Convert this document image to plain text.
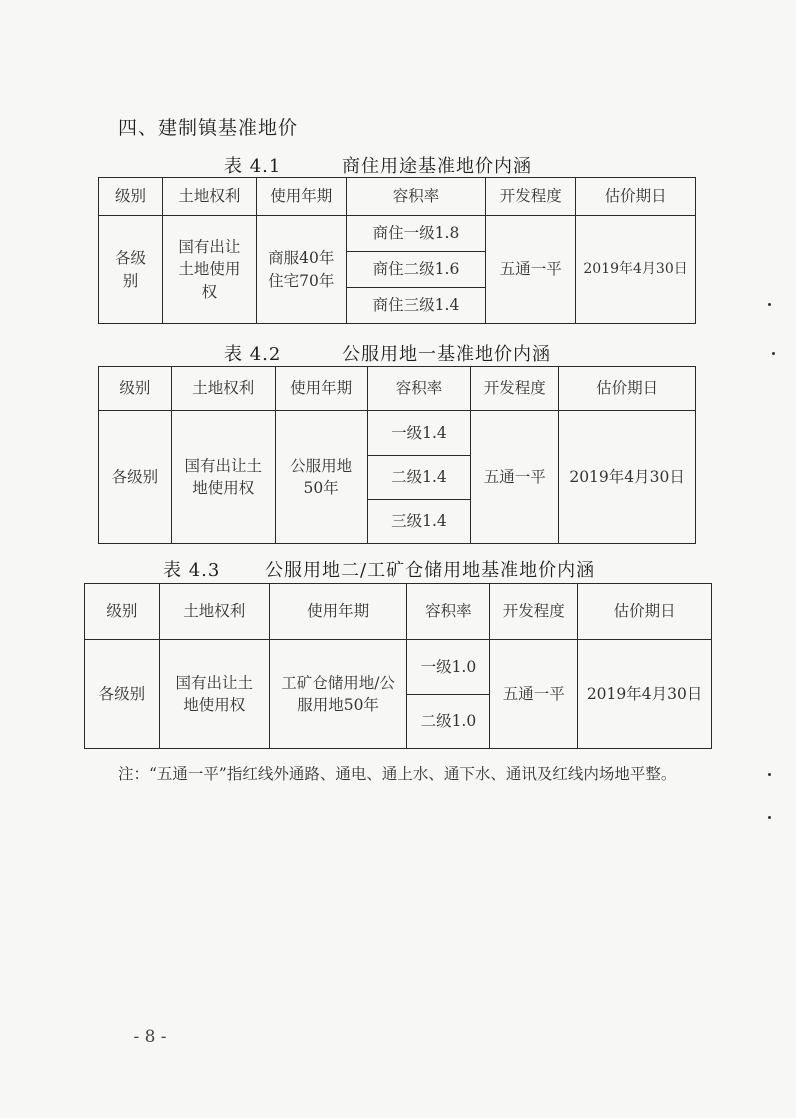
四、建制镇基准地价
表 4.1	商住用途基准地价内涵
级别	土地权利	使用年期	容积率	开发程度	估价期日
各级别	国有出让土地使用权	商服40年住宅70年	商住一级1.8	五通一平	2019年4月30日
			商住二级1.6		
			商住三级1.4		
表 4.2	公服用地一基准地价内涵
级别	土地权利	使用年期	容积率	开发程度	估价期日
各级别	国有出让土地使用权	公服用地50年	一级1.4	五通一平	2019年4月30日
			二级1.4		
			三级1.4		
表 4.3 公服用地二/工矿仓储用地基准地价内涵
级别	土地权利	使用年期	容积率	开发程度	估价期日
各级别	国有出让土地使用权	工矿仓储用地/公服用地50年	一级1.0	五通一平	2019年4月30日
			二级1.0		
注：“五通一平”指红线外通路、通电、通上水、通下水、通讯及红线内场地平整。
- 8 -
